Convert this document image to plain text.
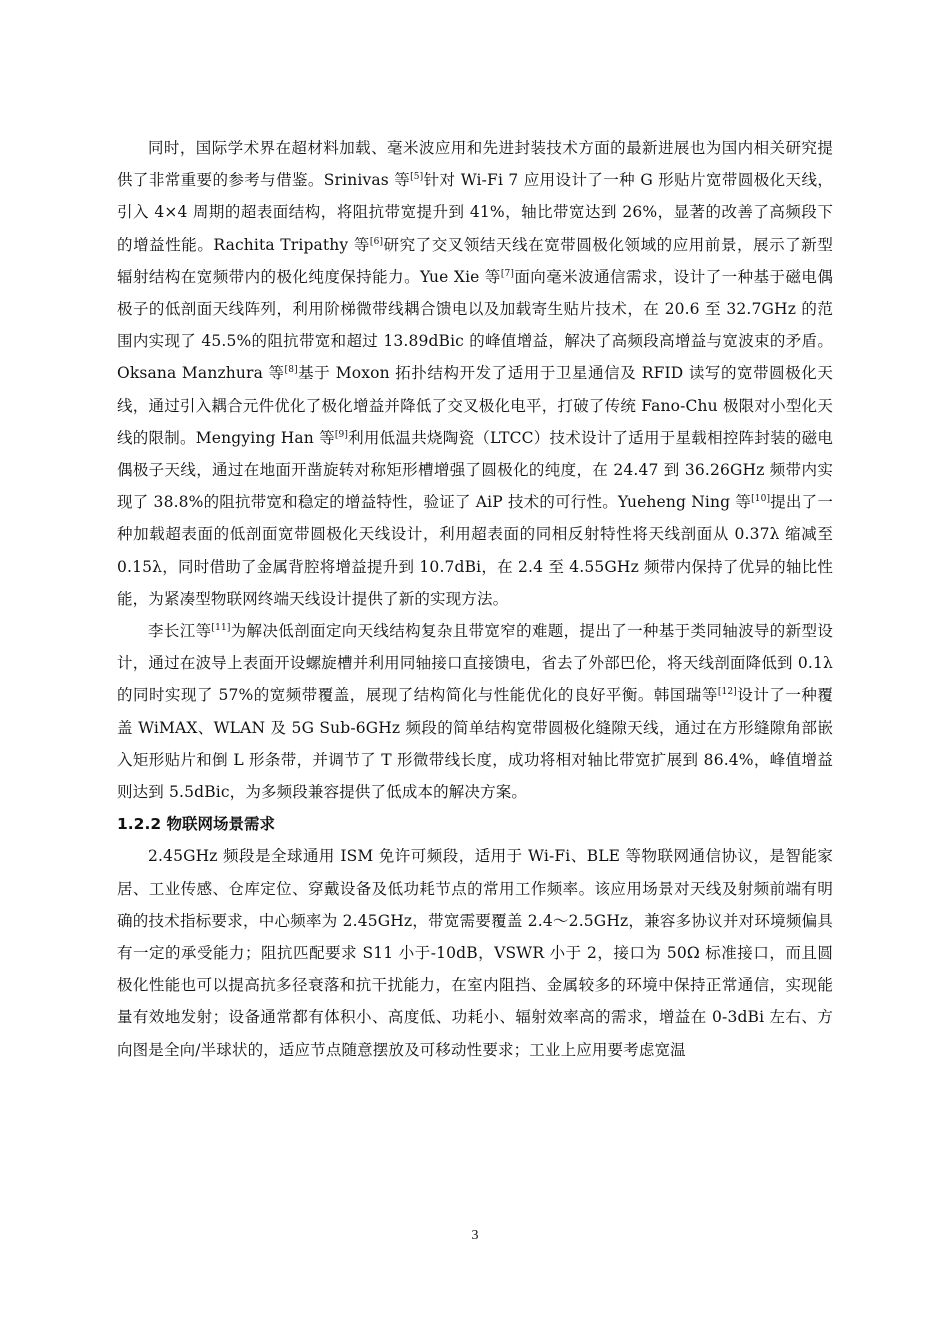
同时，国际学术界在超材料加载、毫米波应用和先进封装技术方面的最新进展也为国内相关研究提供了非常重要的参考与借鉴。Srinivas 等[5]针对 Wi-Fi 7 应用设计了一种 G 形贴片宽带圆极化天线，引入 4×4 周期的超表面结构，将阻抗带宽提升到 41%，轴比带宽达到 26%，显著的改善了高频段下的增益性能。Rachita Tripathy 等[6]研究了交叉领结天线在宽带圆极化领域的应用前景，展示了新型辐射结构在宽频带内的极化纯度保持能力。Yue Xie 等[7]面向毫米波通信需求，设计了一种基于磁电偶极子的低剖面天线阵列，利用阶梯微带线耦合馈电以及加载寄生贴片技术，在 20.6 至 32.7GHz 的范围内实现了 45.5%的阻抗带宽和超过 13.89dBic 的峰值增益，解决了高频段高增益与宽波束的矛盾。Oksana Manzhura 等[8]基于 Moxon 拓扑结构开发了适用于卫星通信及 RFID 读写的宽带圆极化天线，通过引入耦合元件优化了极化增益并降低了交叉极化电平，打破了传统 Fano-Chu 极限对小型化天线的限制。Mengying Han 等[9]利用低温共烧陶瓷（LTCC）技术设计了适用于星载相控阵封装的磁电偶极子天线，通过在地面开凿旋转对称矩形槽增强了圆极化的纯度，在 24.47 到 36.26GHz 频带内实现了 38.8%的阻抗带宽和稳定的增益特性，验证了 AiP 技术的可行性。Yueheng Ning 等[10]提出了一种加载超表面的低剖面宽带圆极化天线设计，利用超表面的同相反射特性将天线剖面从 0.37λ 缩减至 0.15λ，同时借助了金属背腔将增益提升到 10.7dBi，在 2.4 至 4.55GHz 频带内保持了优异的轴比性能，为紧凑型物联网终端天线设计提供了新的实现方法。

李长江等[11]为解决低剖面定向天线结构复杂且带宽窄的难题，提出了一种基于类同轴波导的新型设计，通过在波导上表面开设螺旋槽并利用同轴接口直接馈电，省去了外部巴伦，将天线剖面降低到 0.1λ 的同时实现了 57%的宽频带覆盖，展现了结构简化与性能优化的良好平衡。韩国瑞等[12]设计了一种覆盖 WiMAX、WLAN 及 5G Sub-6GHz 频段的简单结构宽带圆极化缝隙天线，通过在方形缝隙角部嵌入矩形贴片和倒 L 形条带，并调节了 T 形微带线长度，成功将相对轴比带宽扩展到 86.4%，峰值增益则达到 5.5dBic，为多频段兼容提供了低成本的解决方案。

1.2.2 物联网场景需求

2.45GHz 频段是全球通用 ISM 免许可频段，适用于 Wi-Fi、BLE 等物联网通信协议，是智能家居、工业传感、仓库定位、穿戴设备及低功耗节点的常用工作频率。该应用场景对天线及射频前端有明确的技术指标要求，中心频率为 2.45GHz，带宽需要覆盖 2.4～2.5GHz，兼容多协议并对环境频偏具有一定的承受能力；阻抗匹配要求 S11 小于-10dB，VSWR 小于 2，接口为 50Ω 标准接口，而且圆极化性能也可以提高抗多径衰落和抗干扰能力，在室内阻挡、金属较多的环境中保持正常通信，实现能量有效地发射；设备通常都有体积小、高度低、功耗小、辐射效率高的需求，增益在 0-3dBi 左右、方向图是全向/半球状的，适应节点随意摆放及可移动性要求；工业上应用要考虑宽温

3
